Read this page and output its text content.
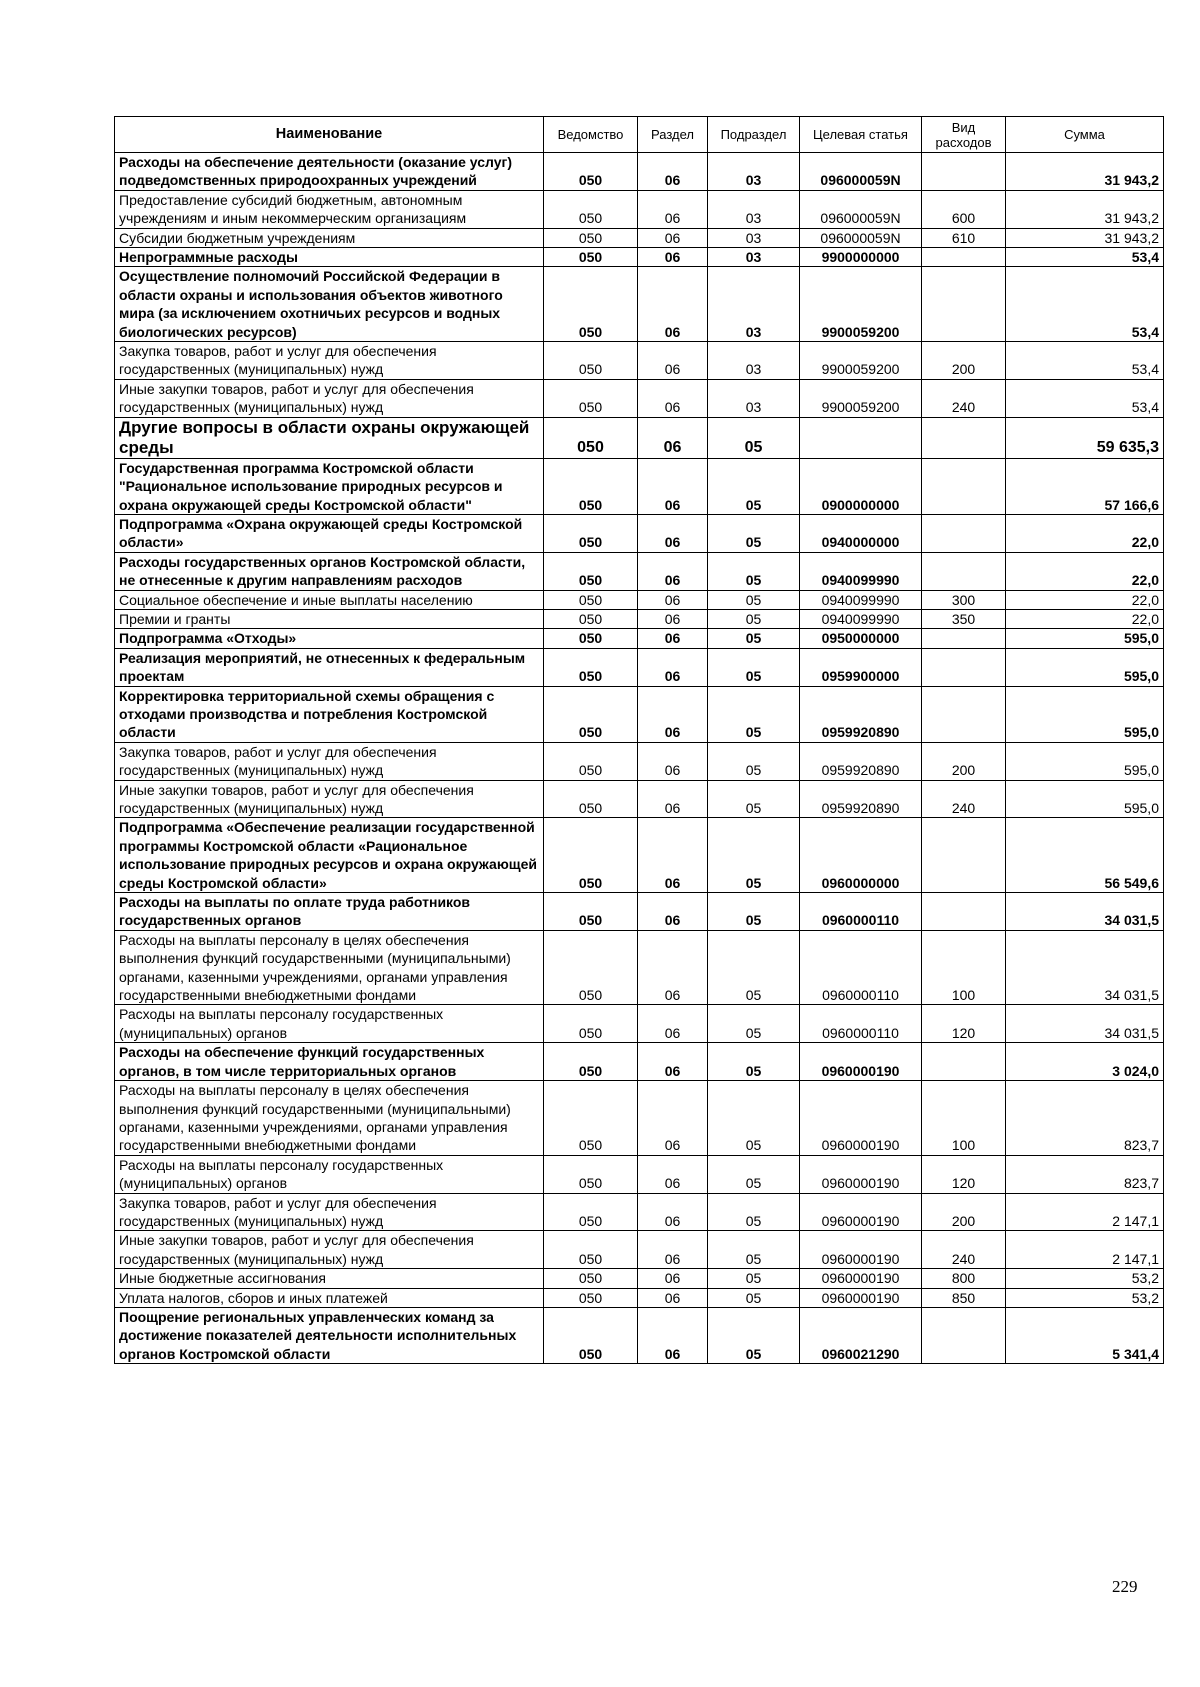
Наименование	Ведомство	Раздел	Подраздел	Целевая статья	Вид расходов	Сумма
Расходы на обеспечение деятельности (оказание услуг) подведомственных природоохранных учреждений	050	06	03	096000059N		31 943,2
Предоставление субсидий бюджетным, автономным учреждениям и иным некоммерческим организациям	050	06	03	096000059N	600	31 943,2
Субсидии бюджетным учреждениям	050	06	03	096000059N	610	31 943,2
Непрограммные расходы	050	06	03	9900000000		53,4
Осуществление полномочий Российской Федерации в области охраны и использования объектов животного мира (за исключением охотничьих ресурсов и водных биологических ресурсов)	050	06	03	9900059200		53,4
Закупка товаров, работ и услуг для обеспечения государственных (муниципальных) нужд	050	06	03	9900059200	200	53,4
Иные закупки товаров, работ и услуг для обеспечения государственных (муниципальных) нужд	050	06	03	9900059200	240	53,4
Другие вопросы в области охраны окружающей среды	050	06	05			59 635,3
Государственная программа Костромской области "Рациональное использование природных ресурсов и охрана окружающей среды Костромской области"	050	06	05	0900000000		57 166,6
Подпрограмма «Охрана окружающей среды Костромской области»	050	06	05	0940000000		22,0
Расходы государственных органов Костромской области, не отнесенные к другим направлениям расходов	050	06	05	0940099990		22,0
Социальное обеспечение и иные выплаты населению	050	06	05	0940099990	300	22,0
Премии и гранты	050	06	05	0940099990	350	22,0
Подпрограмма «Отходы»	050	06	05	0950000000		595,0
Реализация мероприятий, не отнесенных к федеральным проектам	050	06	05	0959900000		595,0
Корректировка территориальной схемы обращения с отходами производства и потребления Костромской области	050	06	05	0959920890		595,0
Закупка товаров, работ и услуг для обеспечения государственных (муниципальных) нужд	050	06	05	0959920890	200	595,0
Иные закупки товаров, работ и услуг для обеспечения государственных (муниципальных) нужд	050	06	05	0959920890	240	595,0
Подпрограмма «Обеспечение реализации государственной программы Костромской области «Рациональное использование природных ресурсов и охрана окружающей среды Костромской области»	050	06	05	0960000000		56 549,6
Расходы на выплаты по оплате труда работников государственных органов	050	06	05	0960000110		34 031,5
Расходы на выплаты персоналу в целях обеспечения выполнения функций государственными (муниципальными) органами, казенными учреждениями, органами управления государственными внебюджетными фондами	050	06	05	0960000110	100	34 031,5
Расходы на выплаты персоналу государственных (муниципальных) органов	050	06	05	0960000110	120	34 031,5
Расходы на обеспечение функций государственных органов, в том числе территориальных органов	050	06	05	0960000190		3 024,0
Расходы на выплаты персоналу в целях обеспечения выполнения функций государственными (муниципальными) органами, казенными учреждениями, органами управления государственными внебюджетными фондами	050	06	05	0960000190	100	823,7
Расходы на выплаты персоналу государственных (муниципальных) органов	050	06	05	0960000190	120	823,7
Закупка товаров, работ и услуг для обеспечения государственных (муниципальных) нужд	050	06	05	0960000190	200	2 147,1
Иные закупки товаров, работ и услуг для обеспечения государственных (муниципальных) нужд	050	06	05	0960000190	240	2 147,1
Иные бюджетные ассигнования	050	06	05	0960000190	800	53,2
Уплата налогов, сборов и иных платежей	050	06	05	0960000190	850	53,2
Поощрение региональных управленческих команд за достижение показателей деятельности исполнительных органов Костромской области	050	06	05	0960021290		5 341,4
229
